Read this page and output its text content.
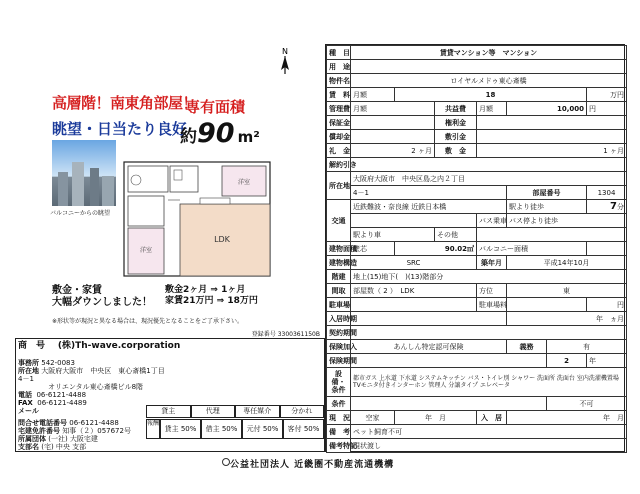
N
高層階！南東角部屋！
眺望・日当たり良好
専有面積
約90 m²
バルコニーからの眺望
LDK
洋室
洋室
敷金・家賃
大幅ダウンしました！
敷金2ヶ月 ⇒ 1ヶ月
家賃21万円 ⇒ 18万円
※形状等が現況と異なる場合は、現況優先となることをご了承下さい。
登録番号 3300361150B
商　号 (株)Th-wave.corporation
事務所 542-0083
所在地 大阪府大阪市　中央区　東心斎橋1丁目 4－1
オリエンタル東心斎橋ビル8階
電話 06-6121-4488
FAX 06-6121-4489
メール
問合せ電話番号 06-6121-4488
宅建免許番号 知事（２）057672号
所属団体 (一社) 大阪宅建
支部名 (宅) 中央 支部
貸主	代理	専任媒介	分かれ
報酬
貸主 50%	借主 50%	元付 50%	客付 50%
種　目	賃貸マンション等　マンション						
用　途							
物件名	ロイヤルメドゥ東心斎橋						
賃　料	月額	18					万円
管理費	月額		共益費	月額	10,000		円
保証金			権利金				
償却金			敷引金				
礼　金	2 ヶ月		敷　金	1 ヶ月			
解約引き							
所在地	大阪府大阪市　中央区島之内２丁目						
	4－1				部屋番号		1304
交通	近鉄難波・奈良線 近鉄日本橋				駅より徒歩		7分
				バス乗車	バス停より徒歩		
	駅より車		その他				
建物面積	壁芯	90.02㎡		バルコニー面積			
建物構造	SRC			築年月	平成14年10月		
階建	地上(15)地下(　)(13)階部分						
間取	部屋数（ 2 ）　LDK			方位	東		
駐車場				駐車場料			円
入居時期					年　ヵ月		
契約期間							
保険加入	あんしん特定認可保険				義務	有	
保険期間						2	年
設備・条件	都市ガス 上水道 下水道 システムキッチン バス・トイレ別 シャワー 洗面所 洗面台 室内洗濯機置場 TVモニタ付きインターホン 管理人 分譲タイプ エレベータ						

条件						不可	
現　況	空家	年　月		入　居	年　月		
備　考	ペット飼育不可						
備考特記	現状渡し						
公益社団法人 近畿圏不動産流通機構
